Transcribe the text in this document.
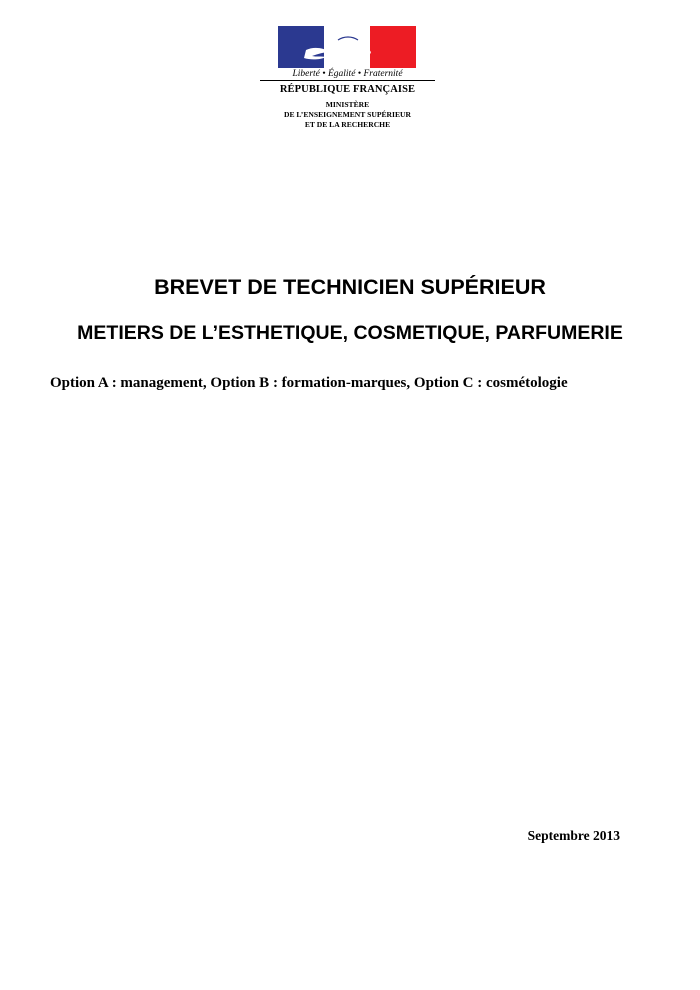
Liberté • Égalité • Fraternité
RÉPUBLIQUE FRANÇAISE
MINISTÈRE
DE L’ENSEIGNEMENT SUPÉRIEUR
ET DE LA RECHERCHE
BREVET DE TECHNICIEN SUPÉRIEUR
METIERS DE L’ESTHETIQUE, COSMETIQUE, PARFUMERIE
Option A : management, Option B : formation-marques, Option C : cosmétologie
Septembre 2013
